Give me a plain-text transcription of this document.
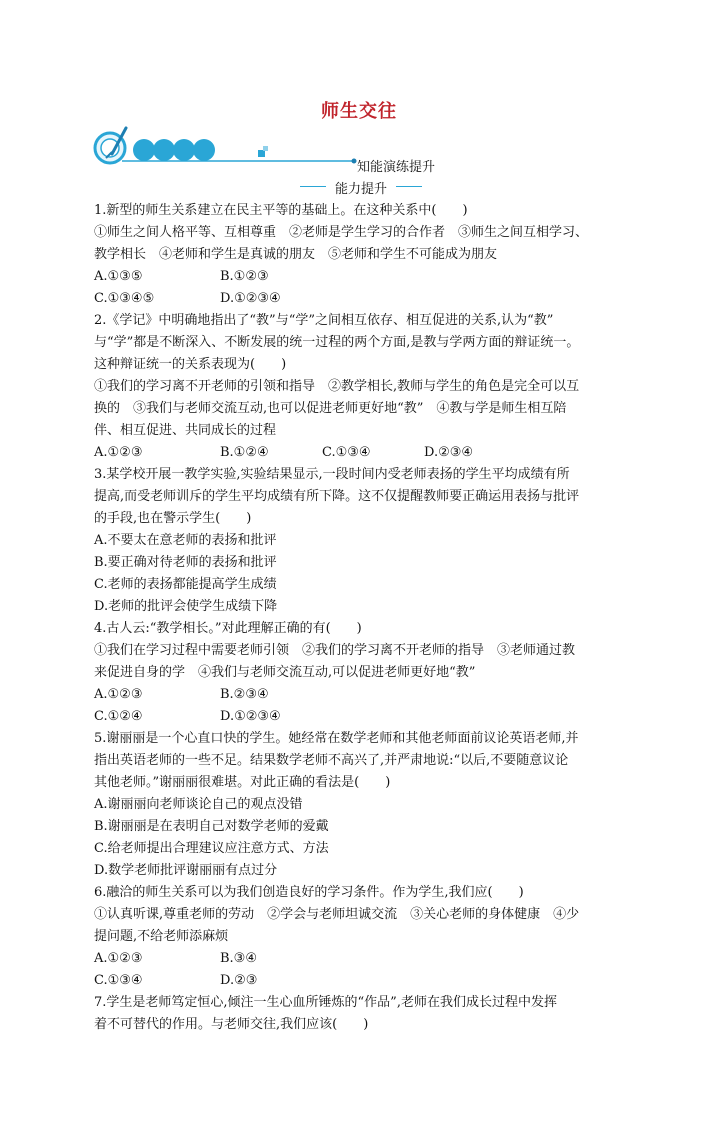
师生交往
知能演练提升
能力提升

1.新型的师生关系建立在民主平等的基础上。在这种关系中(　　)

①师生之间人格平等、互相尊重　②老师是学生学习的合作者　③师生之间互相学习、

教学相长　④老师和学生是真诚的朋友　⑤老师和学生不可能成为朋友

A.①③⑤	B.①②③
C.①③④⑤	D.①②③④

2.《学记》中明确地指出了“教”与“学”之间相互依存、相互促进的关系,认为“教”

与“学”都是不断深入、不断发展的统一过程的两个方面,是教与学两方面的辩证统一。

这种辩证统一的关系表现为(　　)

①我们的学习离不开老师的引领和指导　②教学相长,教师与学生的角色是完全可以互

换的　③我们与老师交流互动,也可以促进老师更好地“教”　④教与学是师生相互陪

伴、相互促进、共同成长的过程

A.①②③	B.①②④	C.①③④	D.②③④

3.某学校开展一教学实验,实验结果显示,一段时间内受老师表扬的学生平均成绩有所

提高,而受老师训斥的学生平均成绩有所下降。这不仅提醒教师要正确运用表扬与批评

的手段,也在警示学生(　　)

A.不要太在意老师的表扬和批评

B.要正确对待老师的表扬和批评

C.老师的表扬都能提高学生成绩

D.老师的批评会使学生成绩下降

4.古人云:“教学相长。”对此理解正确的有(　　)

①我们在学习过程中需要老师引领　②我们的学习离不开老师的指导　③老师通过教

来促进自身的学　④我们与老师交流互动,可以促进老师更好地“教”

A.①②③	B.②③④
C.①②④	D.①②③④

5.谢丽丽是一个心直口快的学生。她经常在数学老师和其他老师面前议论英语老师,并

指出英语老师的一些不足。结果数学老师不高兴了,并严肃地说:“以后,不要随意议论

其他老师。”谢丽丽很难堪。对此正确的看法是(　　)

A.谢丽丽向老师谈论自己的观点没错

B.谢丽丽是在表明自己对数学老师的爱戴

C.给老师提出合理建议应注意方式、方法

D.数学老师批评谢丽丽有点过分

6.融洽的师生关系可以为我们创造良好的学习条件。作为学生,我们应(　　)

①认真听课,尊重老师的劳动　②学会与老师坦诚交流　③关心老师的身体健康　④少

提问题,不给老师添麻烦

A.①②③	B.③④
C.①③④	D.②③

7.学生是老师笃定恒心,倾注一生心血所锤炼的“作品”,老师在我们成长过程中发挥

着不可替代的作用。与老师交往,我们应该(　　)
